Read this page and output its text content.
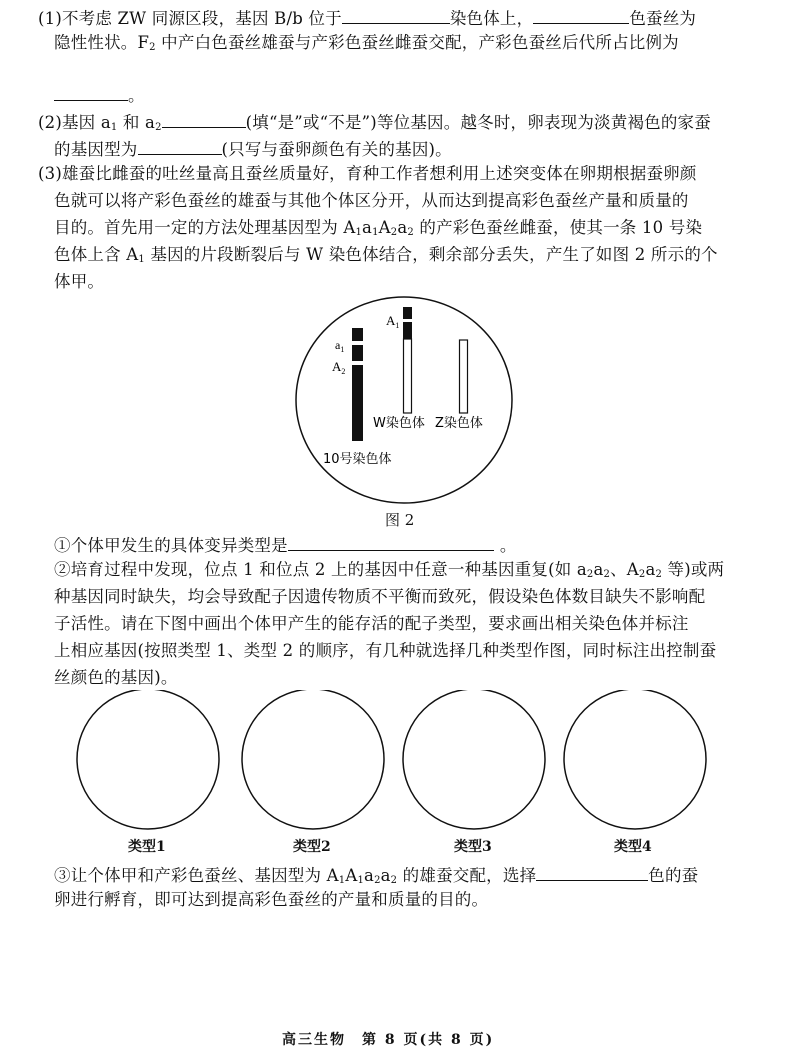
(1)不考虑 ZW 同源区段，基因 B/b 位于	染色体上，	色蚕丝为
隐性性状。$F_2$ 中产白色蚕丝雄蚕与产彩色蚕丝雌蚕交配，产彩色蚕丝后代所占比例为
。
(2)基因 $a_1$ 和 $a_2$	(填“是”或“不是”)等位基因。越冬时，卵表现为淡黄褐色的家蚕
的基因型为	(只写与蚕卵颜色有关的基因)。
(3)雄蚕比雌蚕的吐丝量高且蚕丝质量好，育种工作者想利用上述突变体在卵期根据蚕卵颜
色就可以将产彩色蚕丝的雄蚕与其他个体区分开，从而达到提高彩色蚕丝产量和质量的
目的。首先用一定的方法处理基因型为 $A_1a_1A_2a_2$ 的产彩色蚕丝雌蚕，使其一条 10 号染
色体上含 $A_1$ 基因的片段断裂后与 W 染色体结合，剩余部分丢失，产生了如图 2 所示的个
体甲。
$a_1$
$A_2$
$A_1$
W染色体 Z染色体
10号染色体
图 2
①个体甲发生的具体变异类型是	。
②培育过程中发现，位点 1 和位点 2 上的基因中任意一种基因重复(如 $a_2a_2$、$A_2a_2$ 等)或两
种基因同时缺失，均会导致配子因遗传物质不平衡而致死，假设染色体数目缺失不影响配
子活性。请在下图中画出个体甲产生的能存活的配子类型，要求画出相关染色体并标注
上相应基因(按照类型 1、类型 2 的顺序，有几种就选择几种类型作图，同时标注出控制蚕
丝颜色的基因)。
类型1	类型2	类型3	类型4
③让个体甲和产彩色蚕丝、基因型为 $A_1A_1a_2a_2$ 的雄蚕交配，选择	色的蚕
卵进行孵育，即可达到提高彩色蚕丝的产量和质量的目的。
高三生物　第 8 页(共 8 页)
